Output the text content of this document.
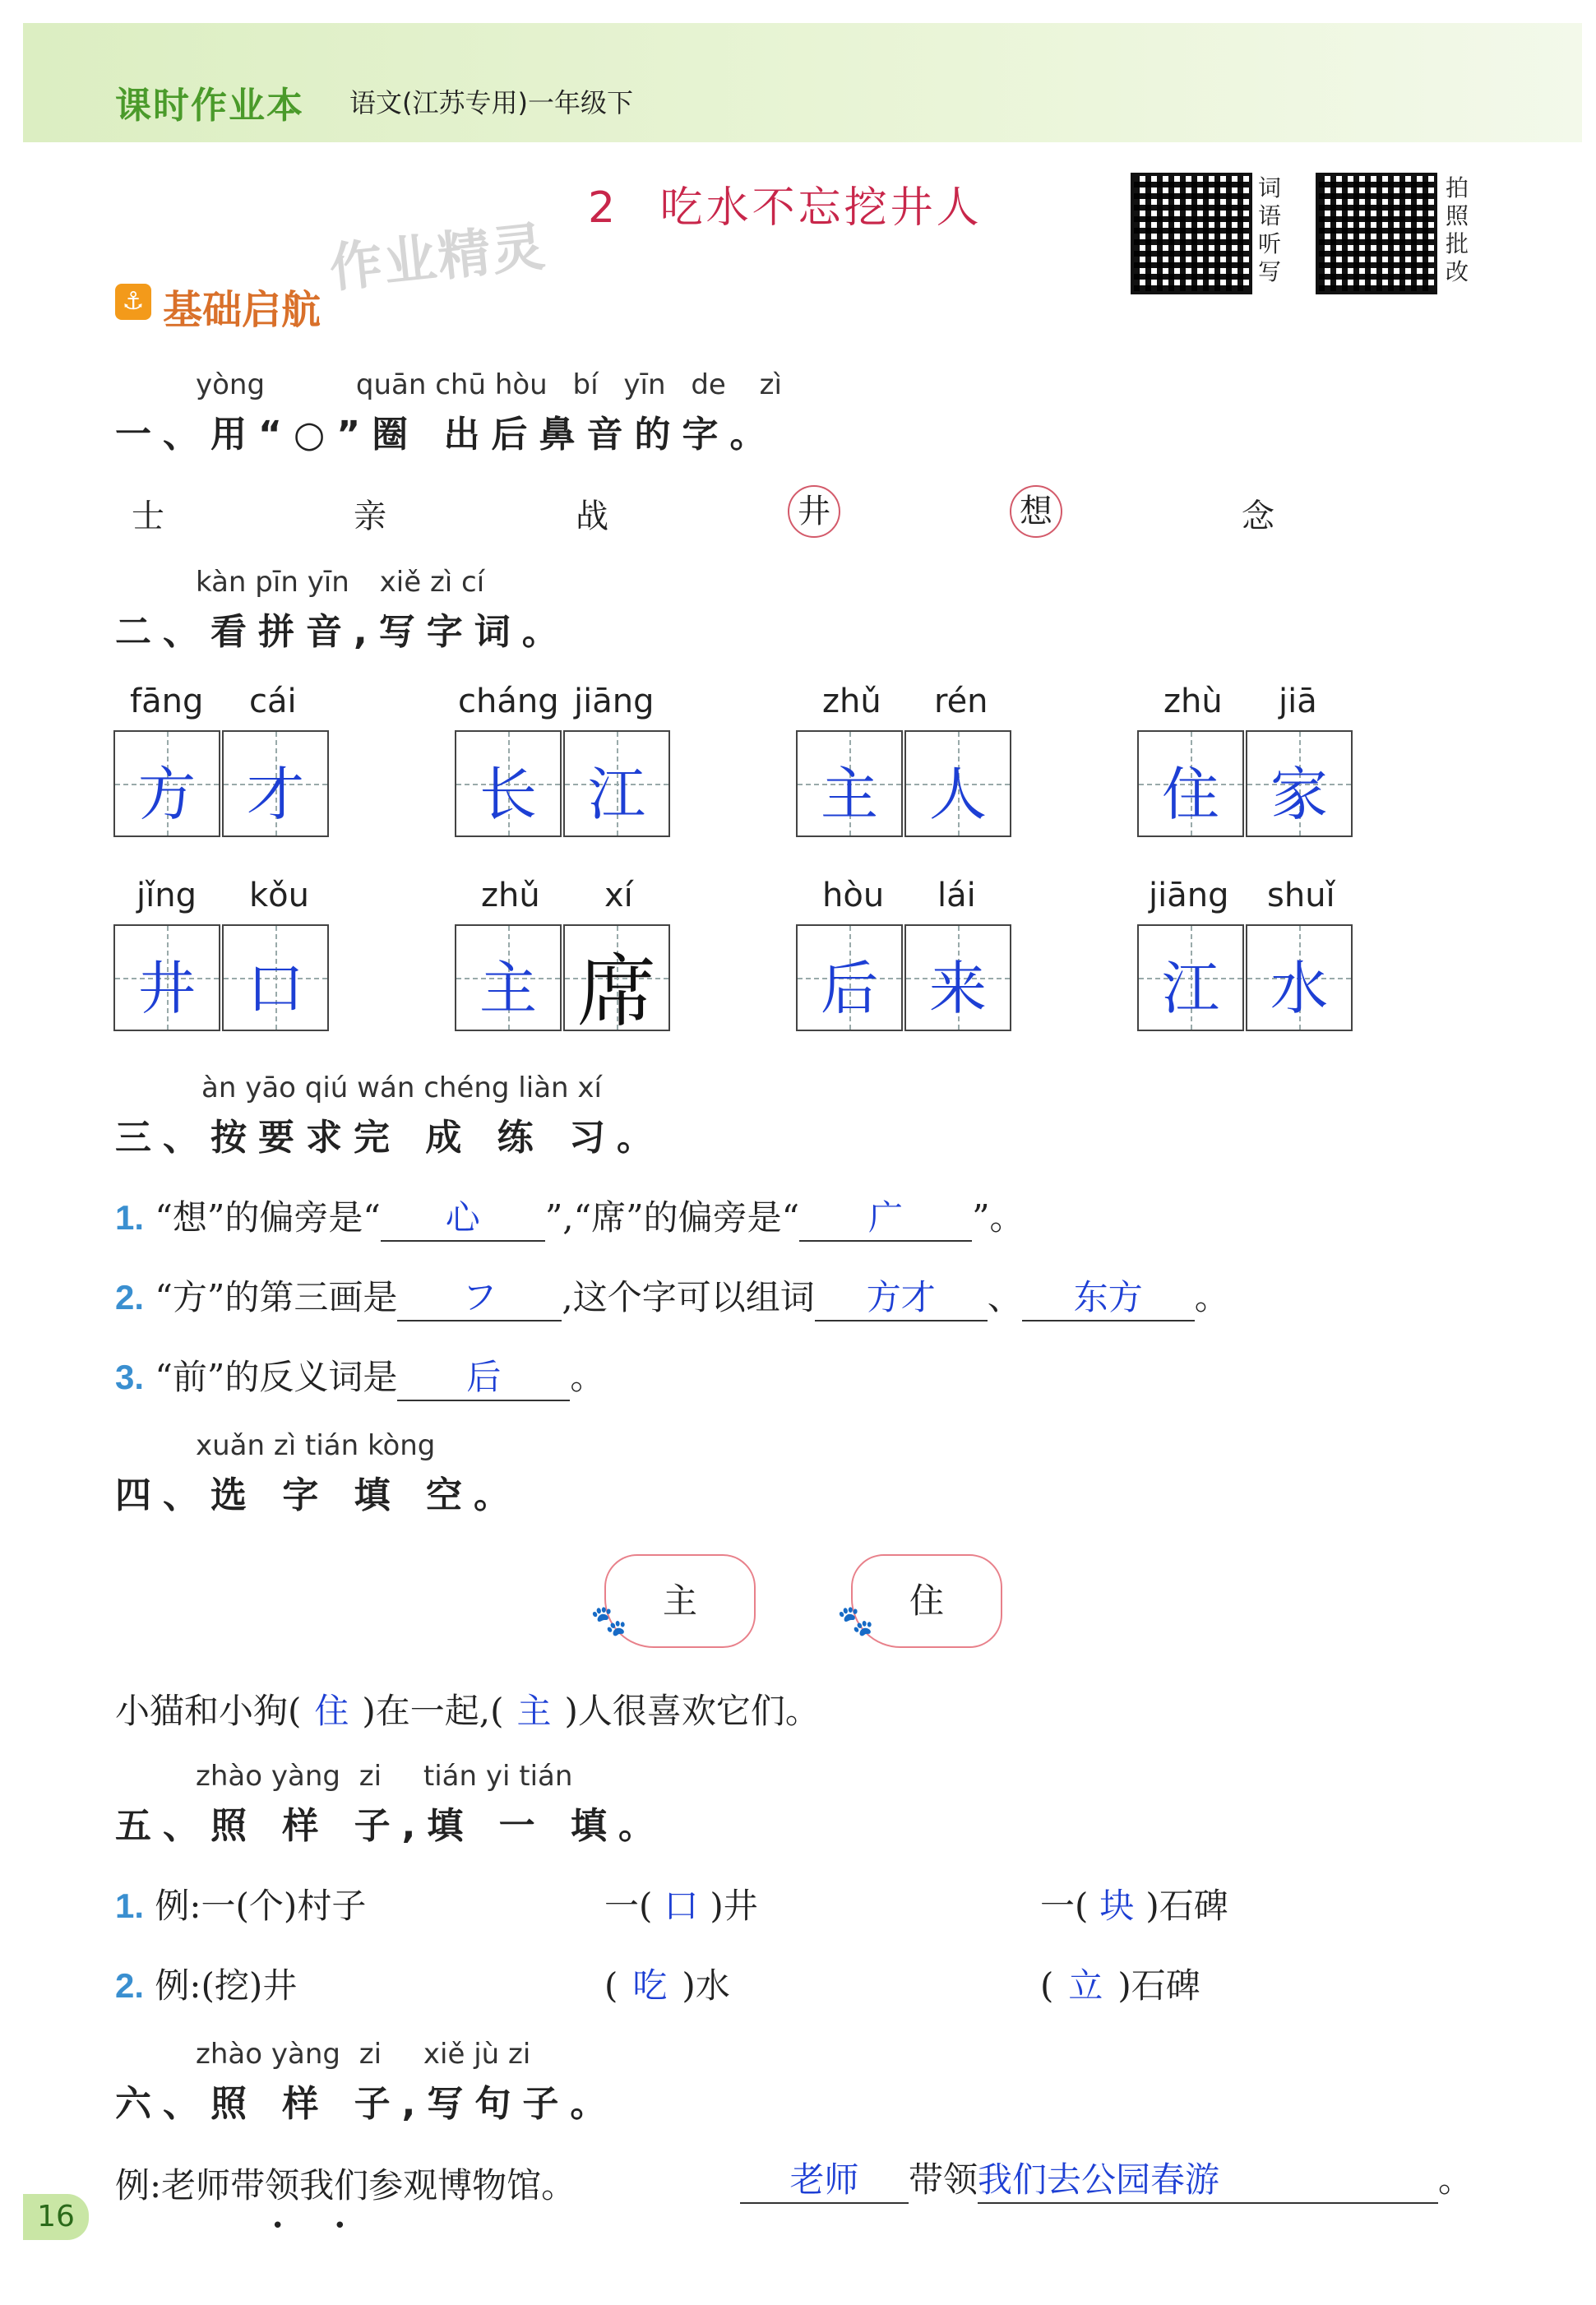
课时作业本 语文(江苏专用)一年级下
2 吃水不忘挖井人
作业精灵
词
语
听
写
拍
照
批
改
⚓ 基础启航
yòng	quān chū hòu bí yīn de zì
一、用“○”圈 出后鼻音的字。
士	亲	战	井	想	念
kàn pīn yīn xiě zì cí
二、看拼音,写字词。
fāng cái
方 才
cháng jiāng
长 江
zhǔ rén
主 人
zhù jiā
住 家
jǐng kǒu
井 口
zhǔ xí
主 席
hòu lái
后 来
jiāng shuǐ
江 水
àn yāo qiú wán chéng liàn xí
三、按要求完 成 练 习。
1. “想”的偏旁是“ 心 ”,“席”的偏旁是“ 广 ”。
2. “方”的第三画是 フ ,这个字可以组词 方才 、 东方 。
3. “前”的反义词是 后 。
xuǎn zì tián kòng
四、选 字 填 空。
主
🐾
住
🐾
小猫和小狗( 住 )在一起,( 主 )人很喜欢它们。
zhào yàng zi tián yi tián
五、照 样 子,填 一 填。
1. 例:一(个)村子	一( 口 )井	一( 块 )石碑
2. 例:(挖)井	( 吃 )水	( 立 )石碑
zhào yàng zi xiě jù zi
六、照 样 子,写句子。
例:老师带领我们参观博物馆。
• •
老师 带领我们去公园春游	。
16
